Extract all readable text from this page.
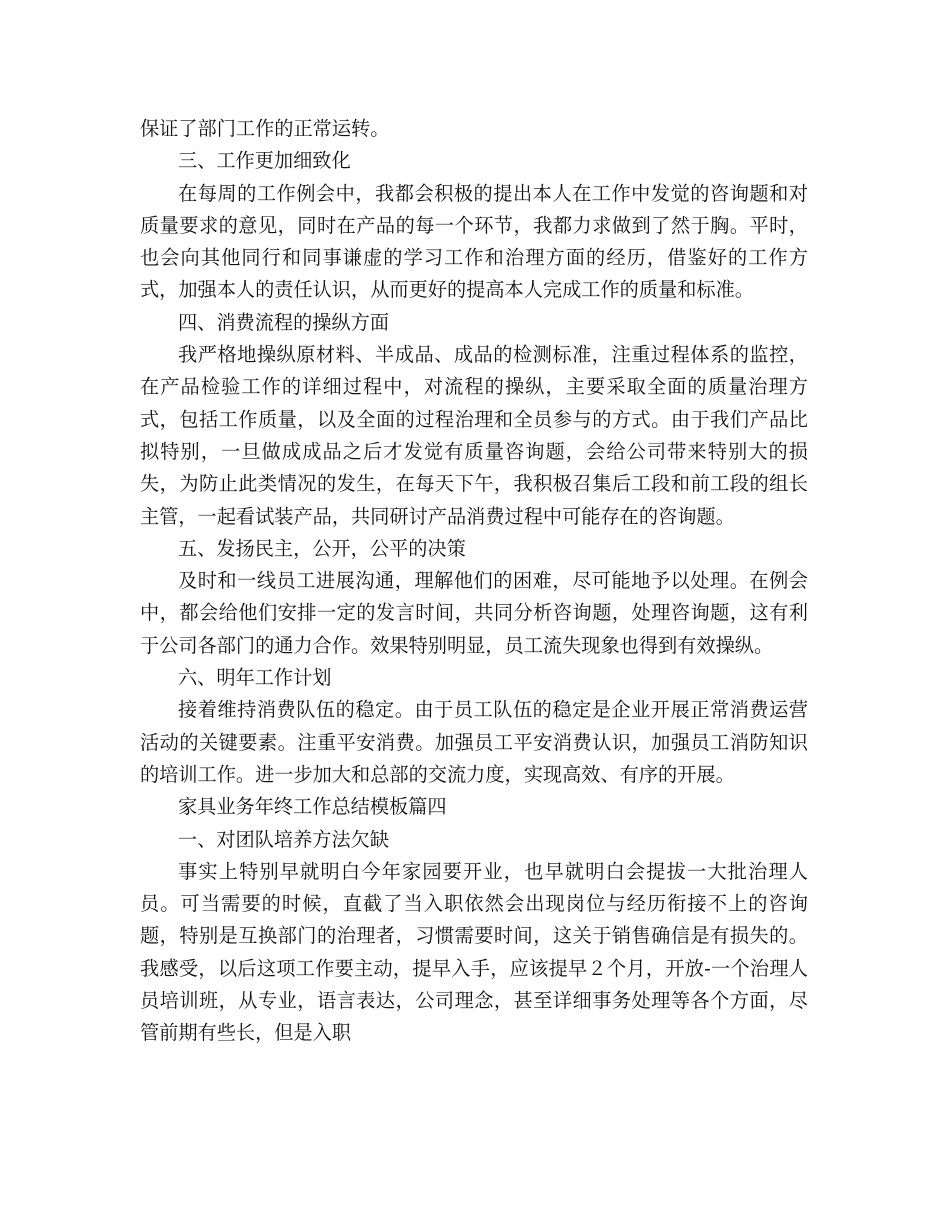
保证了部门工作的正常运转。

三、工作更加细致化

在每周的工作例会中，我都会积极的提出本人在工作中发觉的咨询题和对质量要求的意见，同时在产品的每一个环节，我都力求做到了然于胸。平时，也会向其他同行和同事谦虚的学习工作和治理方面的经历，借鉴好的工作方式，加强本人的责任认识，从而更好的提高本人完成工作的质量和标准。

四、消费流程的操纵方面

我严格地操纵原材料、半成品、成品的检测标准，注重过程体系的监控，在产品检验工作的详细过程中，对流程的操纵，主要采取全面的质量治理方式，包括工作质量，以及全面的过程治理和全员参与的方式。由于我们产品比拟特别，一旦做成成品之后才发觉有质量咨询题，会给公司带来特别大的损失，为防止此类情况的发生，在每天下午，我积极召集后工段和前工段的组长主管，一起看试装产品，共同研讨产品消费过程中可能存在的咨询题。

五、发扬民主，公开，公平的决策

及时和一线员工进展沟通，理解他们的困难，尽可能地予以处理。在例会中，都会给他们安排一定的发言时间，共同分析咨询题，处理咨询题，这有利于公司各部门的通力合作。效果特别明显，员工流失现象也得到有效操纵。

六、明年工作计划

接着维持消费队伍的稳定。由于员工队伍的稳定是企业开展正常消费运营活动的关键要素。注重平安消费。加强员工平安消费认识，加强员工消防知识的培训工作。进一步加大和总部的交流力度，实现高效、有序的开展。

家具业务年终工作总结模板篇四

一、对团队培养方法欠缺

事实上特别早就明白今年家园要开业，也早就明白会提拔一大批治理人员。可当需要的时候，直截了当入职依然会出现岗位与经历衔接不上的咨询题，特别是互换部门的治理者，习惯需要时间，这关于销售确信是有损失的。我感受，以后这项工作要主动，提早入手，应该提早２个月，开放-一个治理人员培训班，从专业，语言表达，公司理念，甚至详细事务处理等各个方面，尽管前期有些长，但是入职
